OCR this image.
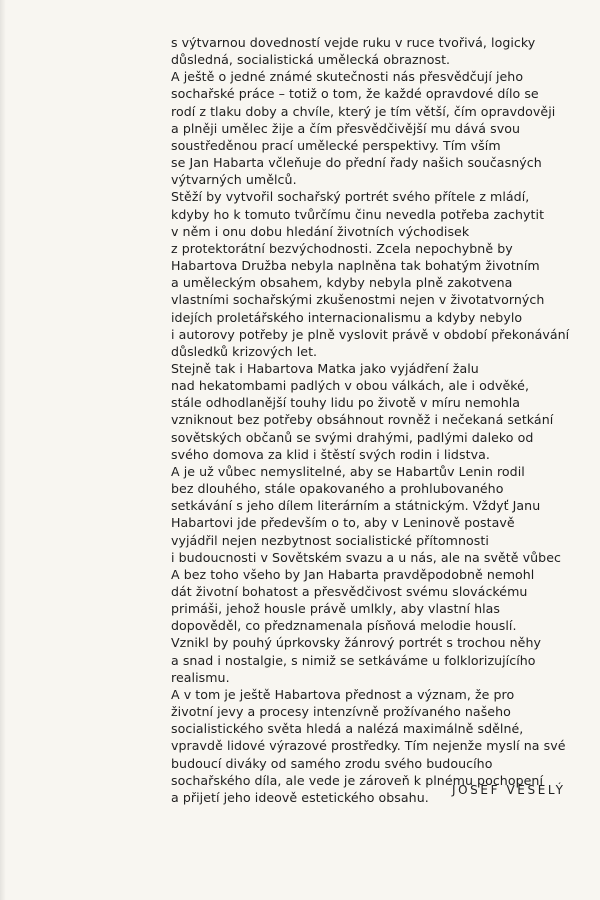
s výtvarnou dovedností vejde ruku v ruce tvořivá, logicky
důsledná, socialistická umělecká obraznost.
A ještě o jedné známé skutečnosti nás přesvědčují jeho
sochařské práce – totiž o tom, že každé opravdové dílo se
rodí z tlaku doby a chvíle, který je tím větší, čím opravdověji
a plněji umělec žije a čím přesvědčivější mu dává svou
soustředěnou prací umělecké perspektivy. Tím vším
se Jan Habarta včleňuje do přední řady našich současných
výtvarných umělců.
Stěží by vytvořil sochařský portrét svého přítele z mládí,
kdyby ho k tomuto tvůrčímu činu nevedla potřeba zachytit
v něm i onu dobu hledání životních východisek
z protektorátní bezvýchodnosti. Zcela nepochybně by
Habartova Družba nebyla naplněna tak bohatým životním
a uměleckým obsahem, kdyby nebyla plně zakotvena
vlastními sochařskými zkušenostmi nejen v životatvorných
idejích proletářského internacionalismu a kdyby nebylo
i autorovy potřeby je plně vyslovit právě v období překonávání
důsledků krizových let.
Stejně tak i Habartova Matka jako vyjádření žalu
nad hekatombami padlých v obou válkách, ale i odvěké,
stále odhodlanější touhy lidu po životě v míru nemohla
vzniknout bez potřeby obsáhnout rovněž i nečekaná setkání
sovětských občanů se svými drahými, padlými daleko od
svého domova za klid i štěstí svých rodin i lidstva.
A je už vůbec nemyslitelné, aby se Habartův Lenin rodil
bez dlouhého, stále opakovaného a prohlubovaného
setkávání s jeho dílem literárním a státnickým. Vždyť Janu
Habartovi jde především o to, aby v Leninově postavě
vyjádřil nejen nezbytnost socialistické přítomnosti
i budoucnosti v Sovětském svazu a u nás, ale na světě vůbec
A bez toho všeho by Jan Habarta pravděpodobně nemohl
dát životní bohatost a přesvědčivost svému slováckému
primáši, jehož housle právě umlkly, aby vlastní hlas
dopověděl, co předznamenala písňová melodie houslí.
Vznikl by pouhý úprkovsky žánrový portrét s trochou něhy
a snad i nostalgie, s nimiž se setkáváme u folklorizujícího
realismu.
A v tom je ještě Habartova přednost a význam, že pro
životní jevy a procesy intenzívně prožívaného našeho
socialistického světa hledá a nalézá maximálně sdělné,
vpravdě lidové výrazové prostředky. Tím nejenže myslí na své
budoucí diváky od samého zrodu svého budoucího
sochařského díla, ale vede je zároveň k plnému pochopení
a přijetí jeho ideově estetického obsahu.	JOSEF VESELÝ
